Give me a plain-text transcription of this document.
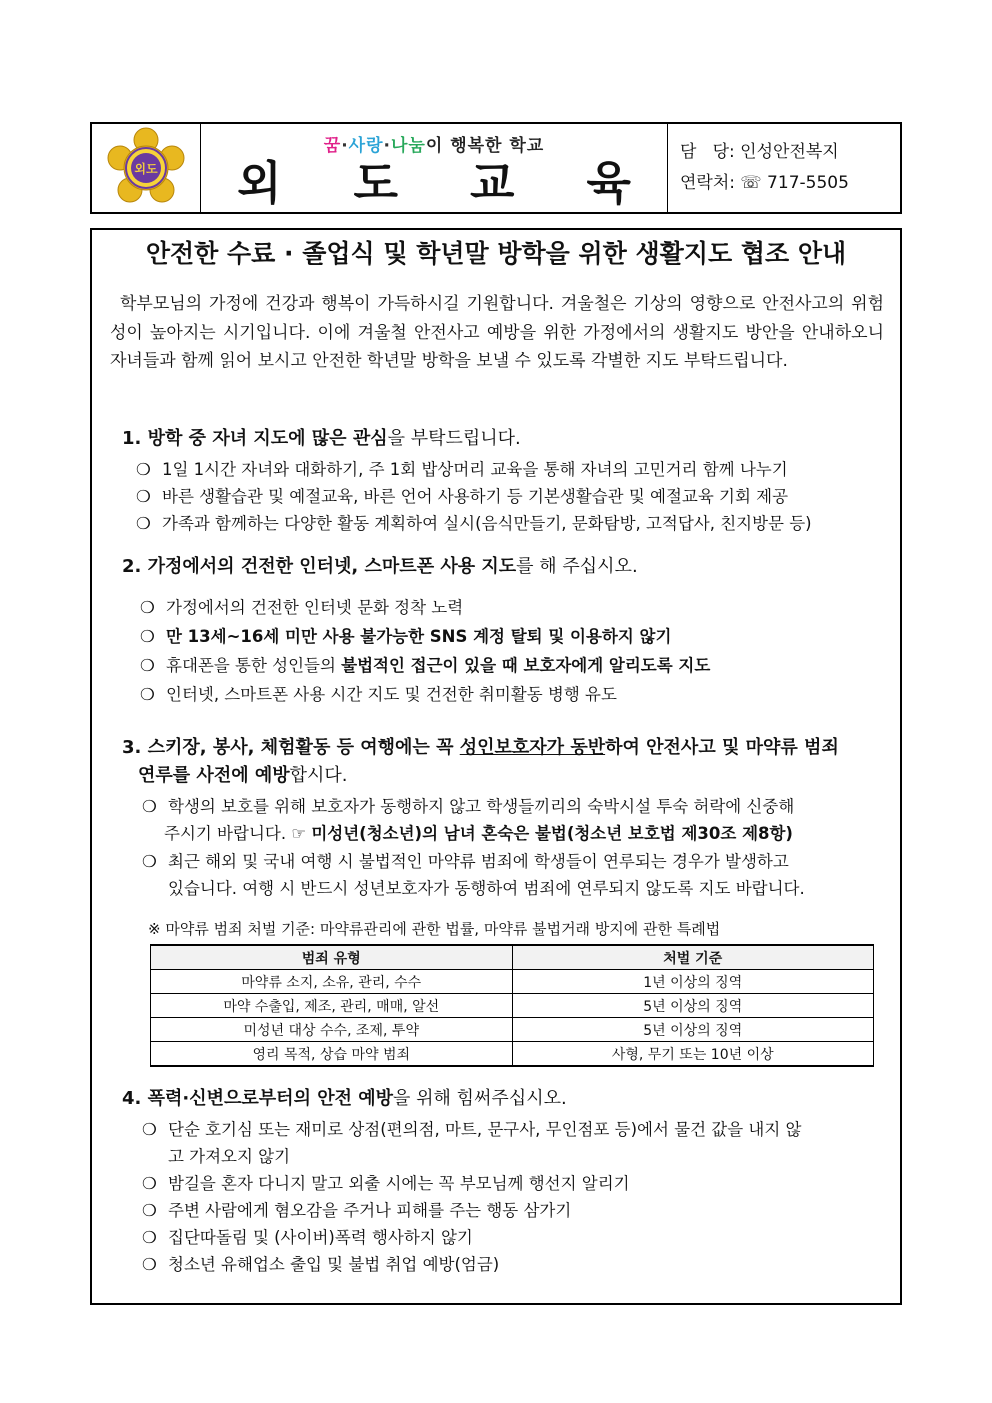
외도
꿈·사랑·나눔이 행복한 학교
외 도 교 육
담   당: 인성안전복지
연락처: ☏ 717-5505
안전한 수료 · 졸업식 및 학년말 방학을 위한 생활지도 협조 안내
학부모님의 가정에 건강과 행복이 가득하시길 기원합니다. 겨울철은 기상의 영향으로 안전사고의 위험성이 높아지는 시기입니다. 이에 겨울철 안전사고 예방을 위한 가정에서의 생활지도 방안을 안내하오니 자녀들과 함께 읽어 보시고 안전한 학년말 방학을 보낼 수 있도록 각별한 지도 부탁드립니다.
1. 방학 중 자녀 지도에 많은 관심을 부탁드립니다.
❍ 1일 1시간 자녀와 대화하기, 주 1회 밥상머리 교육을 통해 자녀의 고민거리 함께 나누기
❍ 바른 생활습관 및 예절교육, 바른 언어 사용하기 등 기본생활습관 및 예절교육 기회 제공
❍ 가족과 함께하는 다양한 활동 계획하여 실시(음식만들기, 문화탐방, 고적답사, 친지방문 등)
2. 가정에서의 건전한 인터넷, 스마트폰 사용 지도를 해 주십시오.
❍ 가정에서의 건전한 인터넷 문화 정착 노력
❍ 만 13세~16세 미만 사용 불가능한 SNS 계정 탈퇴 및 이용하지 않기
❍ 휴대폰을 통한 성인들의 불법적인 접근이 있을 때 보호자에게 알리도록 지도
❍ 인터넷, 스마트폰 사용 시간 지도 및 건전한 취미활동 병행 유도
3. 스키장, 봉사, 체험활동 등 여행에는 꼭 성인보호자가 동반하여 안전사고 및 마약류 범죄
연루를 사전에 예방합시다.
❍ 학생의 보호를 위해 보호자가 동행하지 않고 학생들끼리의 숙박시설 투숙 허락에 신중해
주시기 바랍니다. ☞ 미성년(청소년)의 남녀 혼숙은 불법(청소년 보호법 제30조 제8항)
❍ 최근 해외 및 국내 여행 시 불법적인 마약류 범죄에 학생들이 연루되는 경우가 발생하고
있습니다. 여행 시 반드시 성년보호자가 동행하여 범죄에 연루되지 않도록 지도 바랍니다.
※ 마약류 범죄 처벌 기준: 마약류관리에 관한 법률, 마약류 불법거래 방지에 관한 특례법
범죄 유형	처벌 기준
마약류 소지, 소유, 관리, 수수	1년 이상의 징역
마약 수출입, 제조, 관리, 매매, 알선	5년 이상의 징역
미성년 대상 수수, 조제, 투약	5년 이상의 징역
영리 목적, 상습 마약 범죄	사형, 무기 또는 10년 이상
4. 폭력·신변으로부터의 안전 예방을 위해 힘써주십시오.
❍ 단순 호기심 또는 재미로 상점(편의점, 마트, 문구사, 무인점포 등)에서 물건 값을 내지 않
고 가져오지 않기
❍ 밤길을 혼자 다니지 말고 외출 시에는 꼭 부모님께 행선지 알리기
❍ 주변 사람에게 혐오감을 주거나 피해를 주는 행동 삼가기
❍ 집단따돌림 및 (사이버)폭력 행사하지 않기
❍ 청소년 유해업소 출입 및 불법 취업 예방(엄금)
